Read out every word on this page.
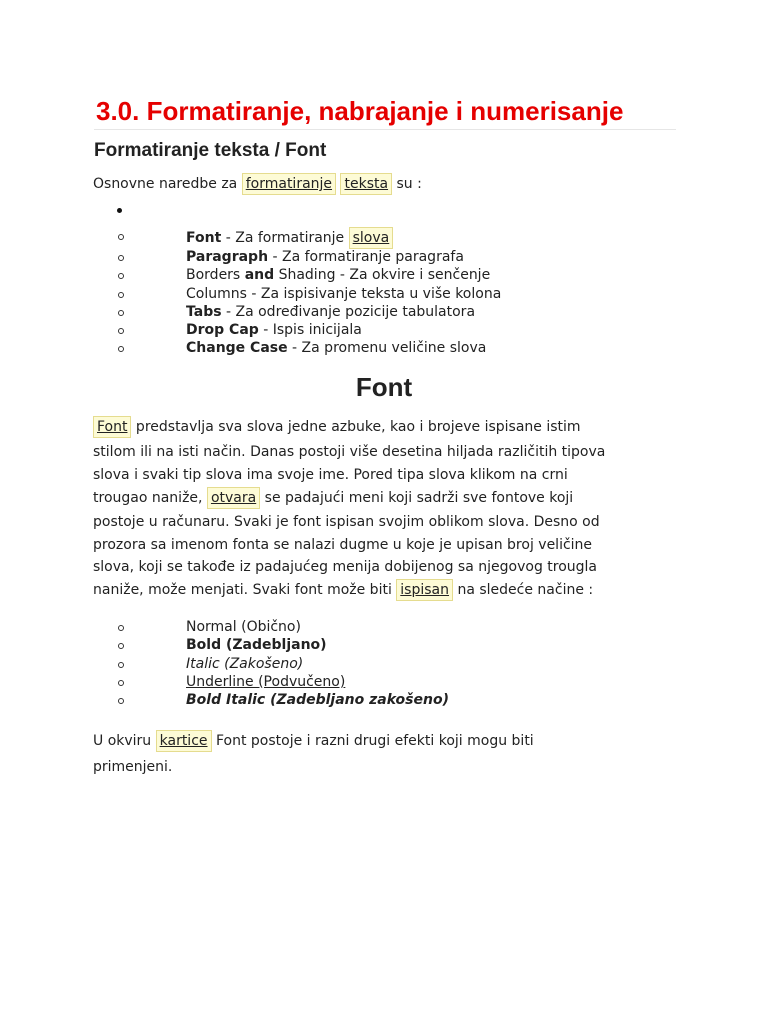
3.0. Formatiranje, nabrajanje i numerisanje
Formatiranje teksta / Font
Osnovne naredbe za formatiranje teksta su :
Font - Za formatiranje slova
Paragraph - Za formatiranje paragrafa
Borders and Shading - Za okvire i senčenje
Columns - Za ispisivanje teksta u više kolona
Tabs - Za određivanje pozicije tabulatora
Drop Cap - Ispis inicijala
Change Case - Za promenu veličine slova
Font
Font predstavlja sva slova jedne azbuke, kao i brojeve ispisane istim
stilom ili na isti način. Danas postoji više desetina hiljada različitih tipova
slova i svaki tip slova ima svoje ime. Pored tipa slova klikom na crni
trougao naniže, otvara se padajući meni koji sadrži sve fontove koji
postoje u računaru. Svaki je font ispisan svojim oblikom slova. Desno od
prozora sa imenom fonta se nalazi dugme u koje je upisan broj veličine
slova, koji se takođe iz padajućeg menija dobijenog sa njegovog trougla
naniže, može menjati. Svaki font može biti ispisan na sledeće načine :
Normal (Obično)
Bold (Zadebljano)
Italic (Zakošeno)
Underline (Podvučeno)
Bold Italic (Zadebljano zakošeno)
U okviru kartice Font postoje i razni drugi efekti koji mogu biti
primenjeni.
